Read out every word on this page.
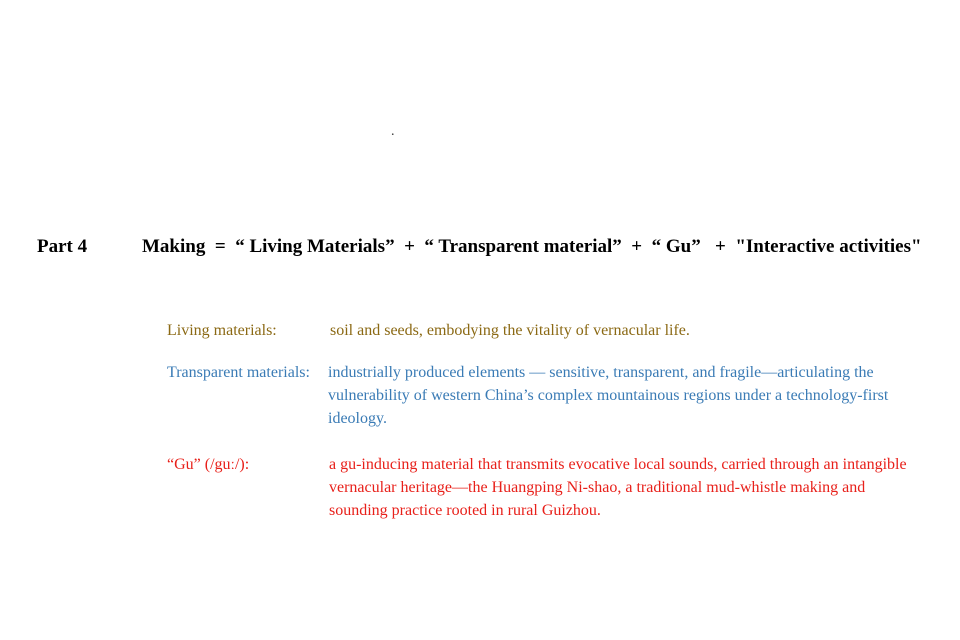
.
Part 4	Making = “ Living Materials” + “ Transparent material” + “ Gu” + "Interactive activities"
Living materials:	soil and seeds, embodying the vitality of vernacular life.
Transparent materials: industrially produced elements — sensitive, transparent, and fragile—articulating the vulnerability of western China’s complex mountainous regions under a technology-first ideology.
“Gu” (/guː/):	a gu-inducing material that transmits evocative local sounds, carried through an intangible vernacular heritage—the Huangping Ni-shao, a traditional mud-whistle making and sounding practice rooted in rural Guizhou.
